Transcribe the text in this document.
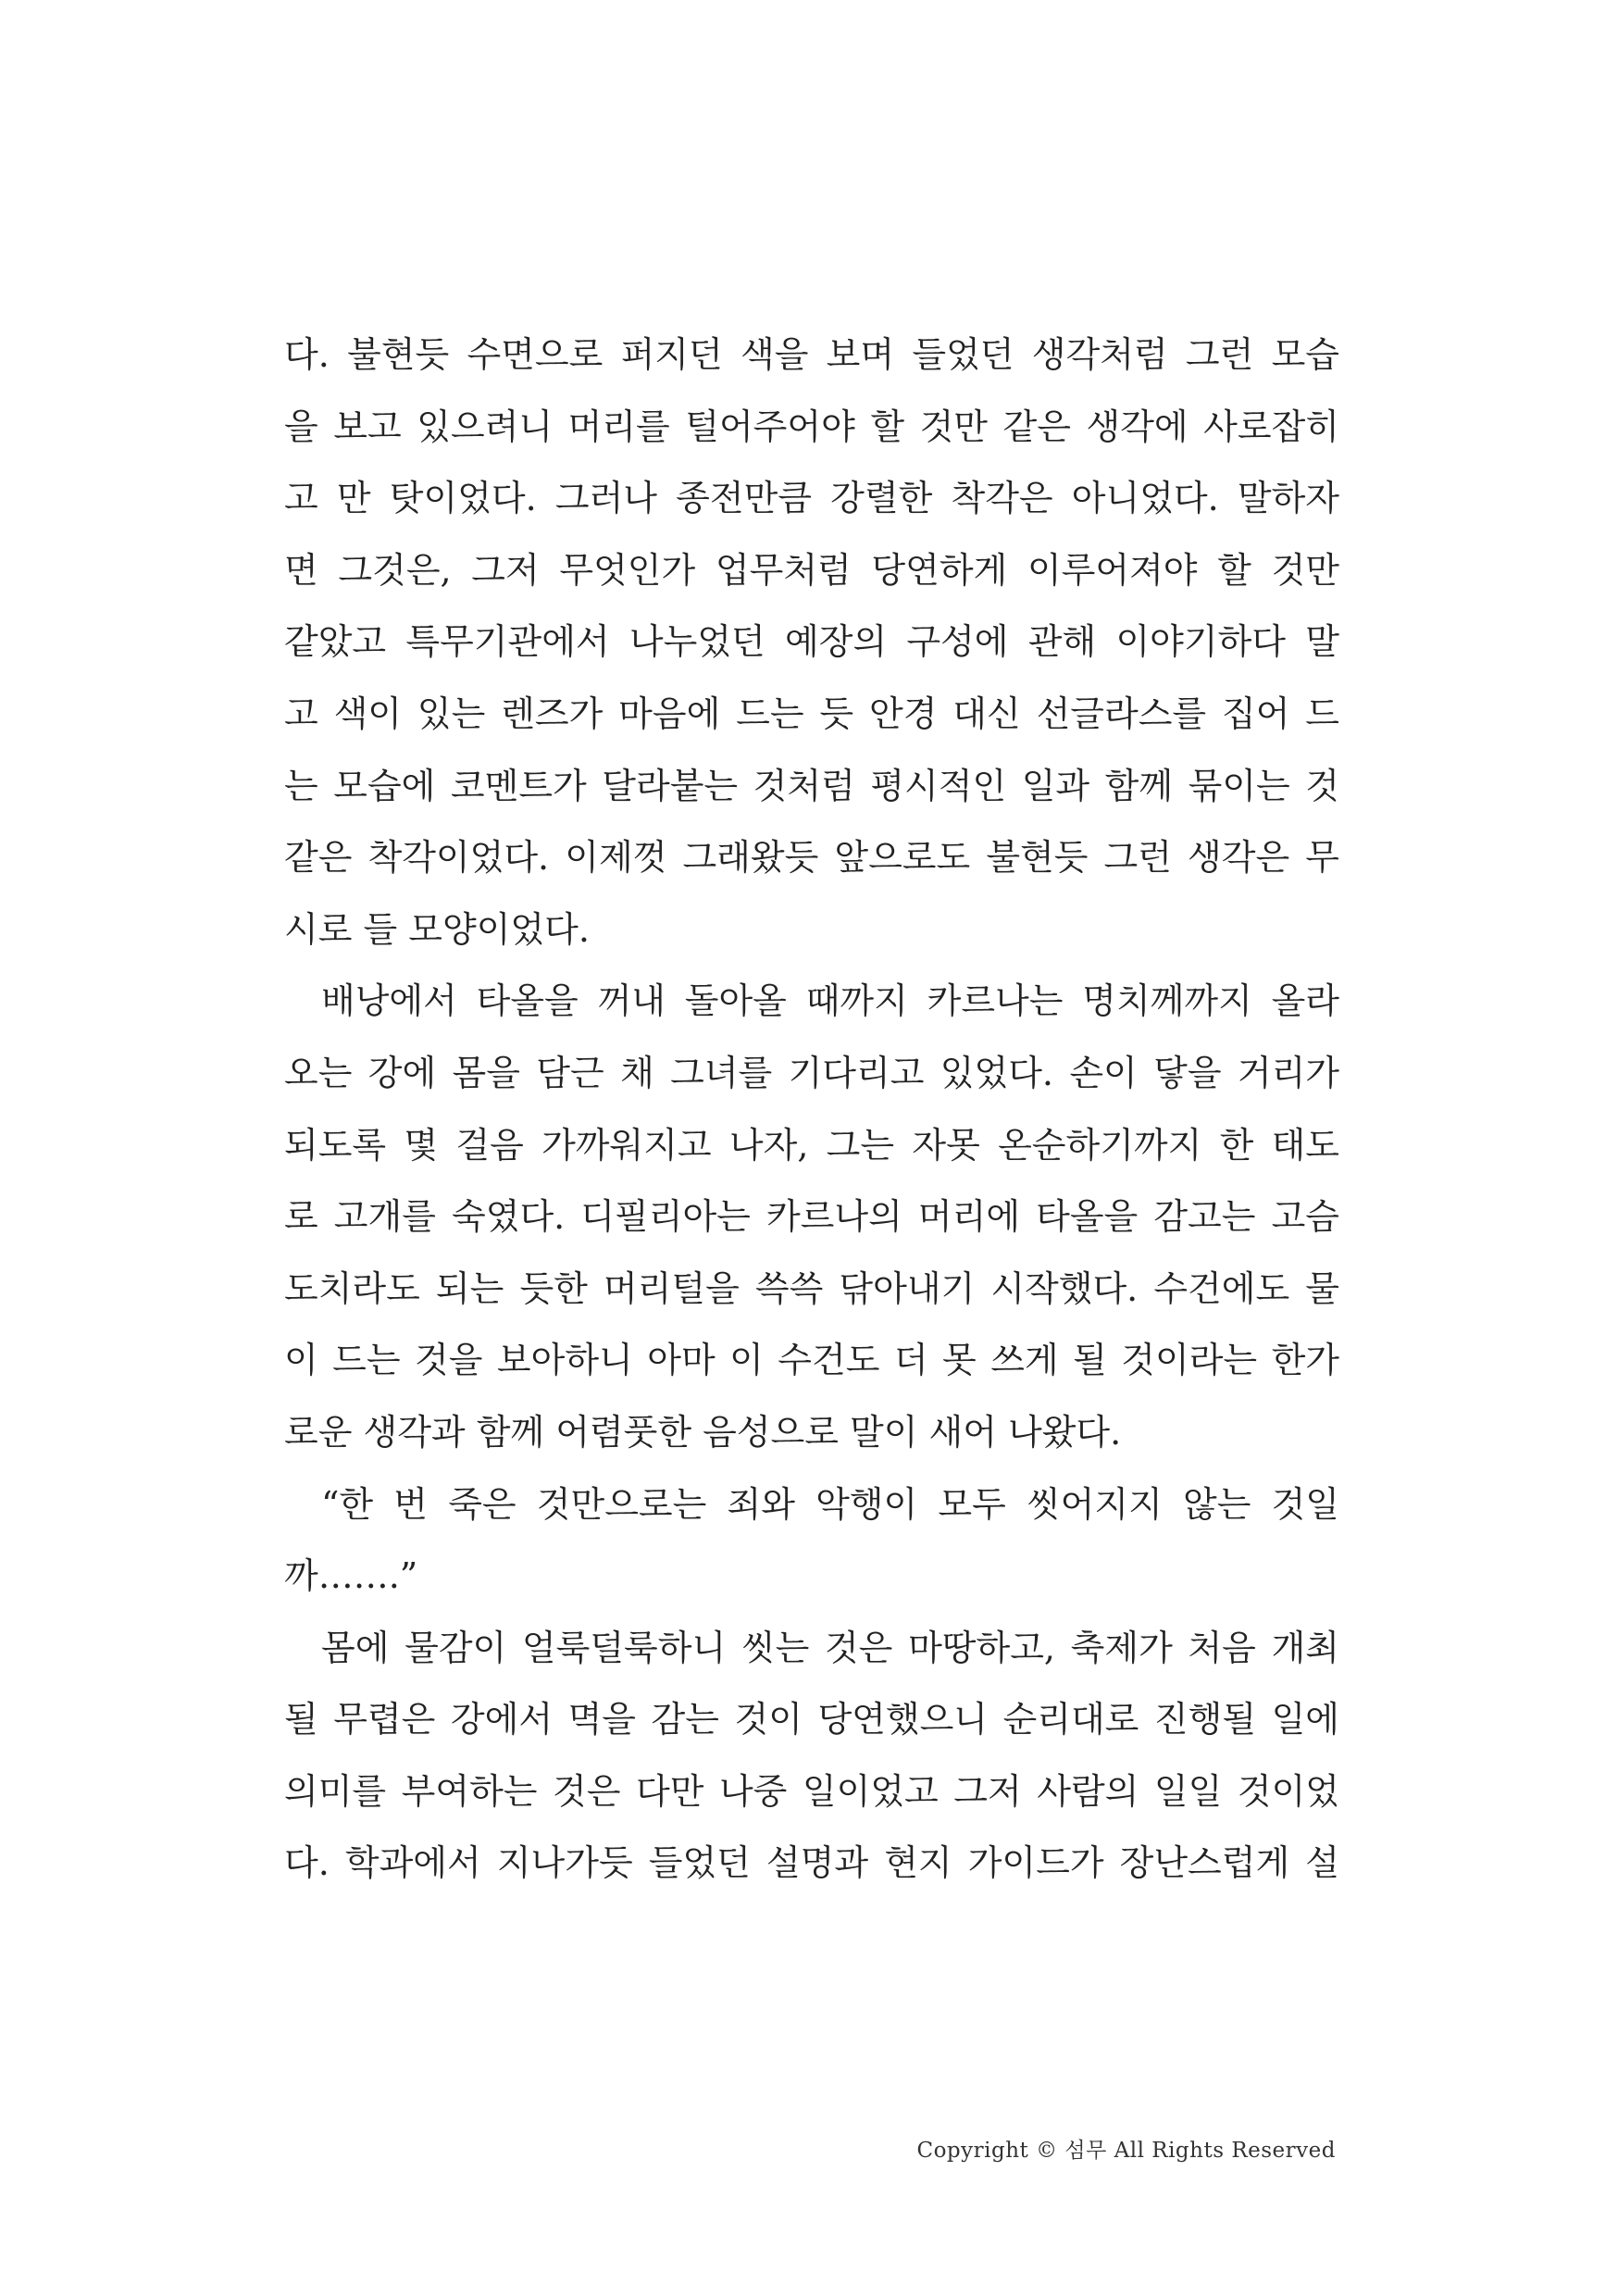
다. 불현듯 수면으로 퍼지던 색을 보며 들었던 생각처럼 그런 모습
을 보고 있으려니 머리를 털어주어야 할 것만 같은 생각에 사로잡히
고 만 탓이었다. 그러나 종전만큼 강렬한 착각은 아니었다. 말하자
면 그것은, 그저 무엇인가 업무처럼 당연하게 이루어져야 할 것만
같았고 특무기관에서 나누었던 예장의 구성에 관해 이야기하다 말
고 색이 있는 렌즈가 마음에 드는 듯 안경 대신 선글라스를 집어 드
는 모습에 코멘트가 달라붙는 것처럼 평시적인 일과 함께 묶이는 것
같은 착각이었다. 이제껏 그래왔듯 앞으로도 불현듯 그런 생각은 무
시로 들 모양이었다.
배낭에서 타올을 꺼내 돌아올 때까지 카르나는 명치께까지 올라
오는 강에 몸을 담근 채 그녀를 기다리고 있었다. 손이 닿을 거리가
되도록 몇 걸음 가까워지고 나자, 그는 자못 온순하기까지 한 태도
로 고개를 숙였다. 디필리아는 카르나의 머리에 타올을 감고는 고슴
도치라도 되는 듯한 머리털을 쓱쓱 닦아내기 시작했다. 수건에도 물
이 드는 것을 보아하니 아마 이 수건도 더 못 쓰게 될 것이라는 한가
로운 생각과 함께 어렴풋한 음성으로 말이 새어 나왔다.
“한 번 죽은 것만으로는 죄와 악행이 모두 씻어지지 않는 것일
까…….”
몸에 물감이 얼룩덜룩하니 씻는 것은 마땅하고, 축제가 처음 개최
될 무렵은 강에서 멱을 감는 것이 당연했으니 순리대로 진행될 일에
의미를 부여하는 것은 다만 나중 일이었고 그저 사람의 일일 것이었
다. 학과에서 지나가듯 들었던 설명과 현지 가이드가 장난스럽게 설
Copyright © 섬무 All Rights Reserved
